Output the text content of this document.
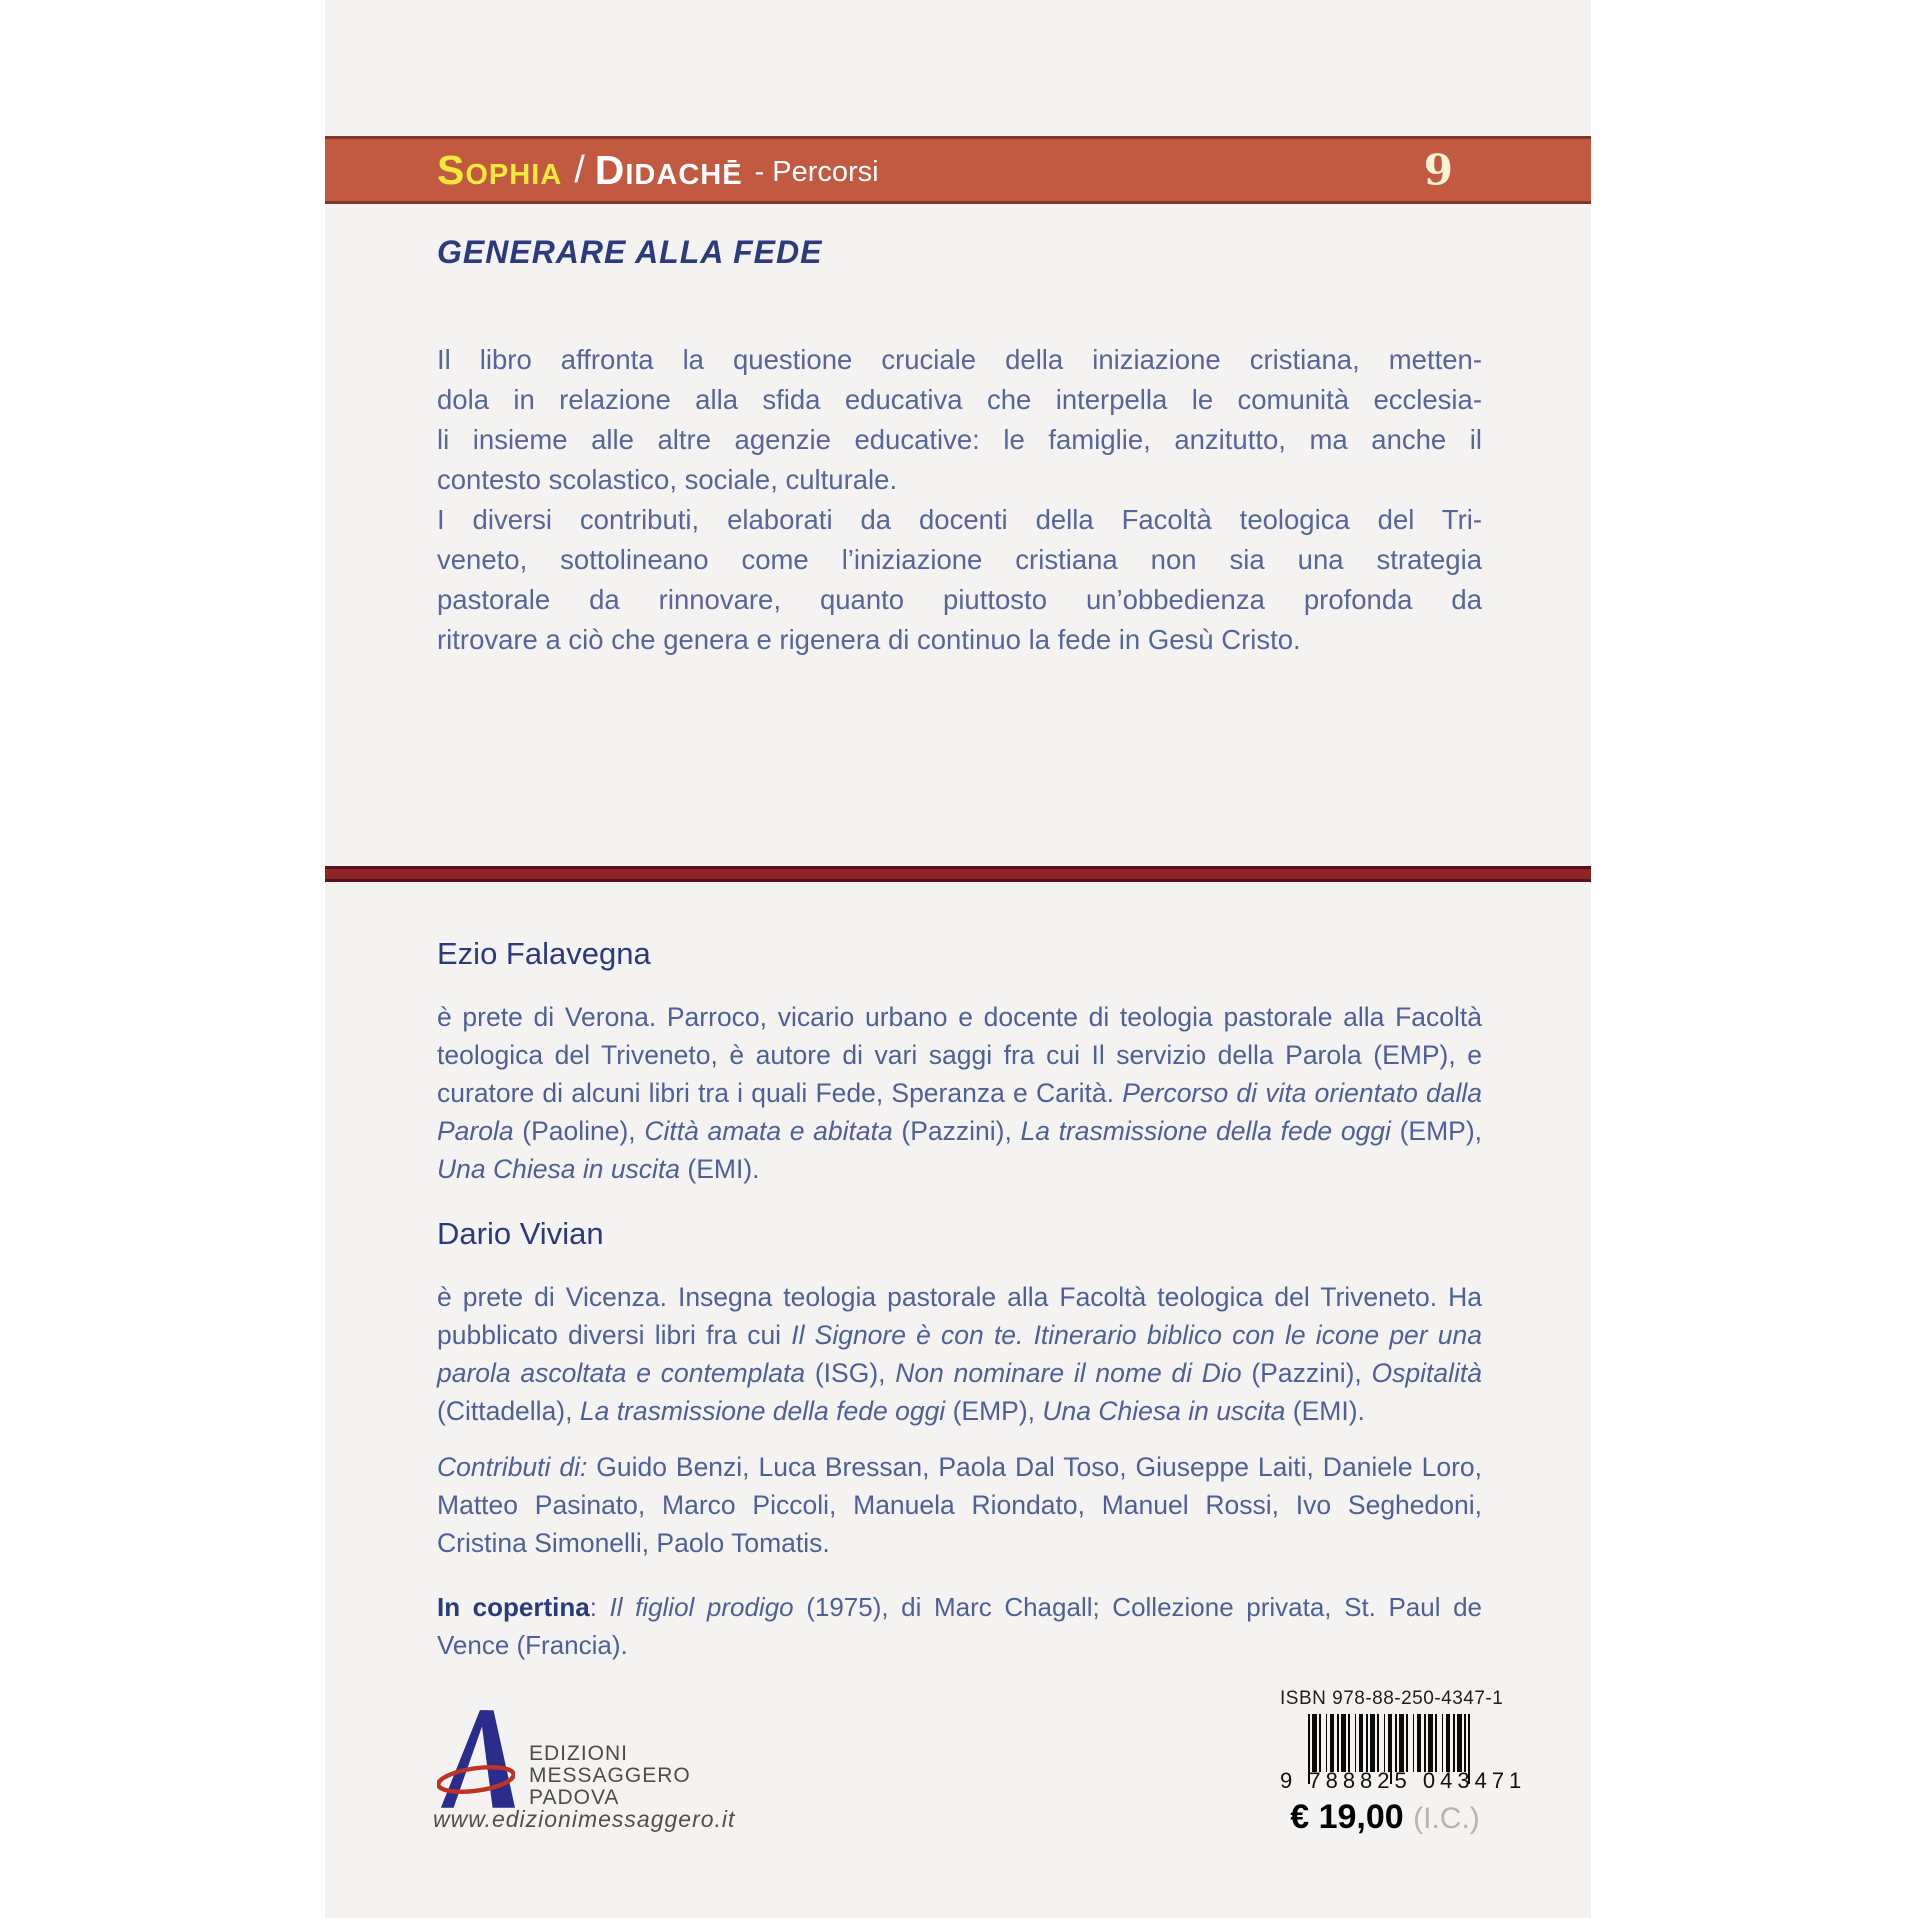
Sophia / Didachē - Percorsi	9
GENERARE ALLA FEDE
Il libro affronta la questione cruciale della iniziazione cristiana, metten-
dola in relazione alla sfida educativa che interpella le comunità ecclesia-
li insieme alle altre agenzie educative: le famiglie, anzitutto, ma anche il
contesto scolastico, sociale, culturale.
I diversi contributi, elaborati da docenti della Facoltà teologica del Tri-
veneto, sottolineano come l’iniziazione cristiana non sia una strategia
pastorale da rinnovare, quanto piuttosto un’obbedienza profonda da
ritrovare a ciò che genera e rigenera di continuo la fede in Gesù Cristo.
Ezio Falavegna
è prete di Verona. Parroco, vicario urbano e docente di teologia pastorale alla Facoltà teologica del Triveneto, è autore di vari saggi fra cui Il servizio della Parola (EMP), e curatore di alcuni libri tra i quali Fede, Speranza e Carità. Percorso di vita orientato dalla Parola (Paoline), Città amata e abitata (Pazzini), La trasmissione della fede oggi (EMP), Una Chiesa in uscita (EMI).
Dario Vivian
è prete di Vicenza. Insegna teologia pastorale alla Facoltà teologica del Triveneto. Ha pubblicato diversi libri fra cui Il Signore è con te. Itinerario biblico con le icone per una parola ascoltata e contemplata (ISG), Non nominare il nome di Dio (Pazzini), Ospitalità (Cittadella), La trasmissione della fede oggi (EMP), Una Chiesa in uscita (EMI).
Contributi di: Guido Benzi, Luca Bressan, Paola Dal Toso, Giuseppe Laiti, Daniele Loro, Matteo Pasinato, Marco Piccoli, Manuela Riondato, Manuel Rossi, Ivo Seghedoni, Cristina Simonelli, Paolo Tomatis.
In copertina: Il figliol prodigo (1975), di Marc Chagall; Collezione privata, St. Paul de Vence (Francia).
EDIZIONI
MESSAGGERO
PADOVA
www.edizionimessaggero.it
ISBN 978-88-250-4347-1
9 788825 043471
€ 19,00 (I.C.)
